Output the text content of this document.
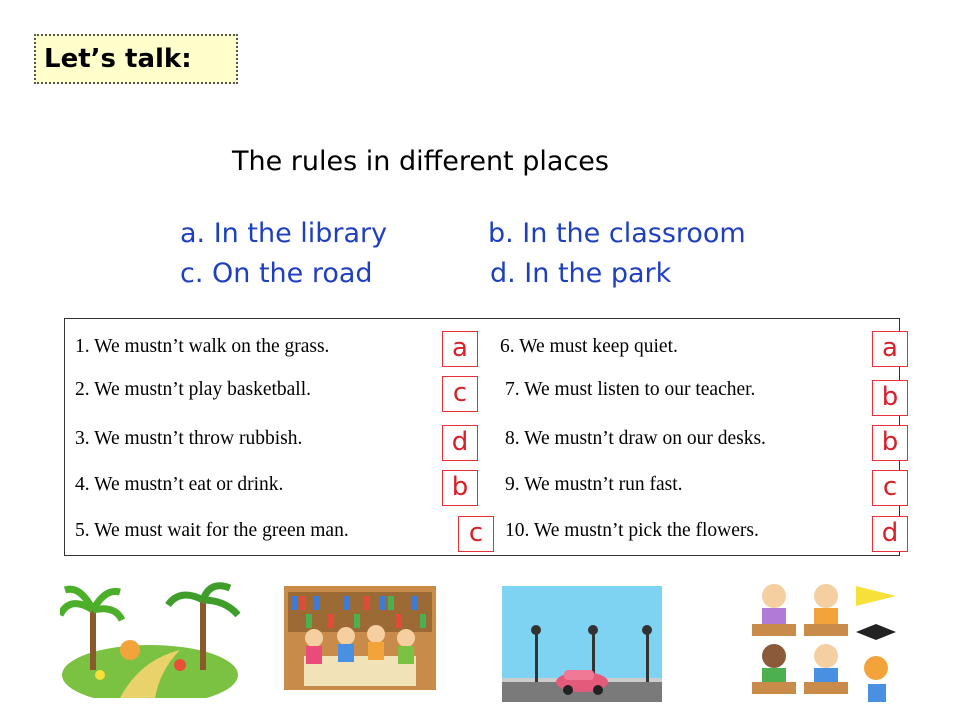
Let’s talk:
The rules in different places
a. In the library	b. In the classroom
c. On the road	d. In the park
1. We mustn’t walk on the grass.
2. We mustn’t play basketball.
3. We mustn’t throw rubbish.
4. We mustn’t eat or drink.
5. We must wait for the green man.
6. We must keep quiet.
7. We must listen to our teacher.
8. We mustn’t draw on our desks.
9. We mustn’t run fast.
10. We mustn’t pick the flowers.
a
c
d
b
c
a
b
b
c
d
